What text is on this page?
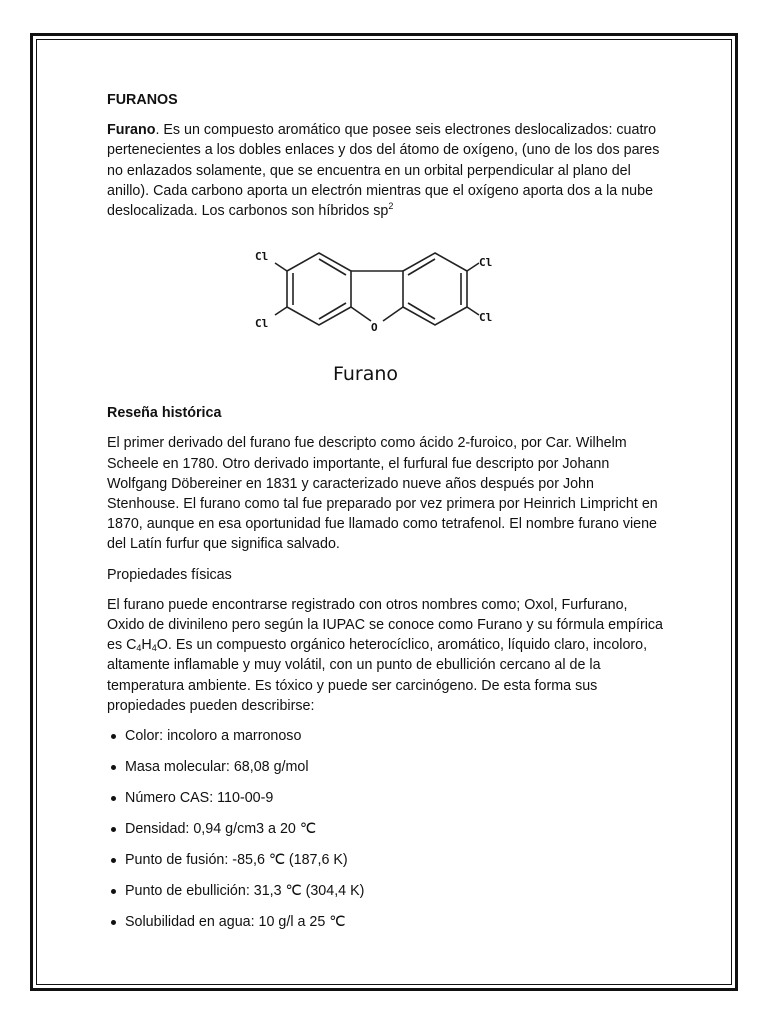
FURANOS

Furano. Es un compuesto aromático que posee seis electrones deslocalizados: cuatro pertenecientes a los dobles enlaces y dos del átomo de oxígeno, (uno de los dos pares no enlazados solamente, que se encuentra en un orbital perpendicular al plano del anillo). Cada carbono aporta un electrón mientras que el oxígeno aporta dos a la nube deslocalizada. Los carbonos son híbridos $sp^2$

Cl
Cl
Cl
Cl
O
Furano
Reseña histórica

El primer derivado del furano fue descripto como ácido 2-furoico, por Car. Wilhelm Scheele en 1780. Otro derivado importante, el furfural fue descripto por Johann Wolfgang Döbereiner en 1831 y caracterizado nueve años después por John Stenhouse. El furano como tal fue preparado por vez primera por Heinrich Limpricht en 1870, aunque en esa oportunidad fue llamado como tetrafenol. El nombre furano viene del Latín furfur que significa salvado.

Propiedades físicas

El furano puede encontrarse registrado con otros nombres como; Oxol, Furfurano, Oxido de divinileno pero según la IUPAC se conoce como Furano y su fórmula empírica es $C_4H_4O$. Es un compuesto orgánico heterocíclico, aromático, líquido claro, incoloro, altamente inflamable y muy volátil, con un punto de ebullición cercano al de la temperatura ambiente. Es tóxico y puede ser carcinógeno. De esta forma sus propiedades pueden describirse:

Color: incoloro a marronoso
Masa molecular: 68,08 g/mol
Número CAS: 110-00-9
Densidad: 0,94 g/cm3 a 20 ℃
Punto de fusión: -85,6 ℃ (187,6 K)
Punto de ebullición: 31,3 ℃ (304,4 K)
Solubilidad en agua: 10 g/l a 25 ℃
